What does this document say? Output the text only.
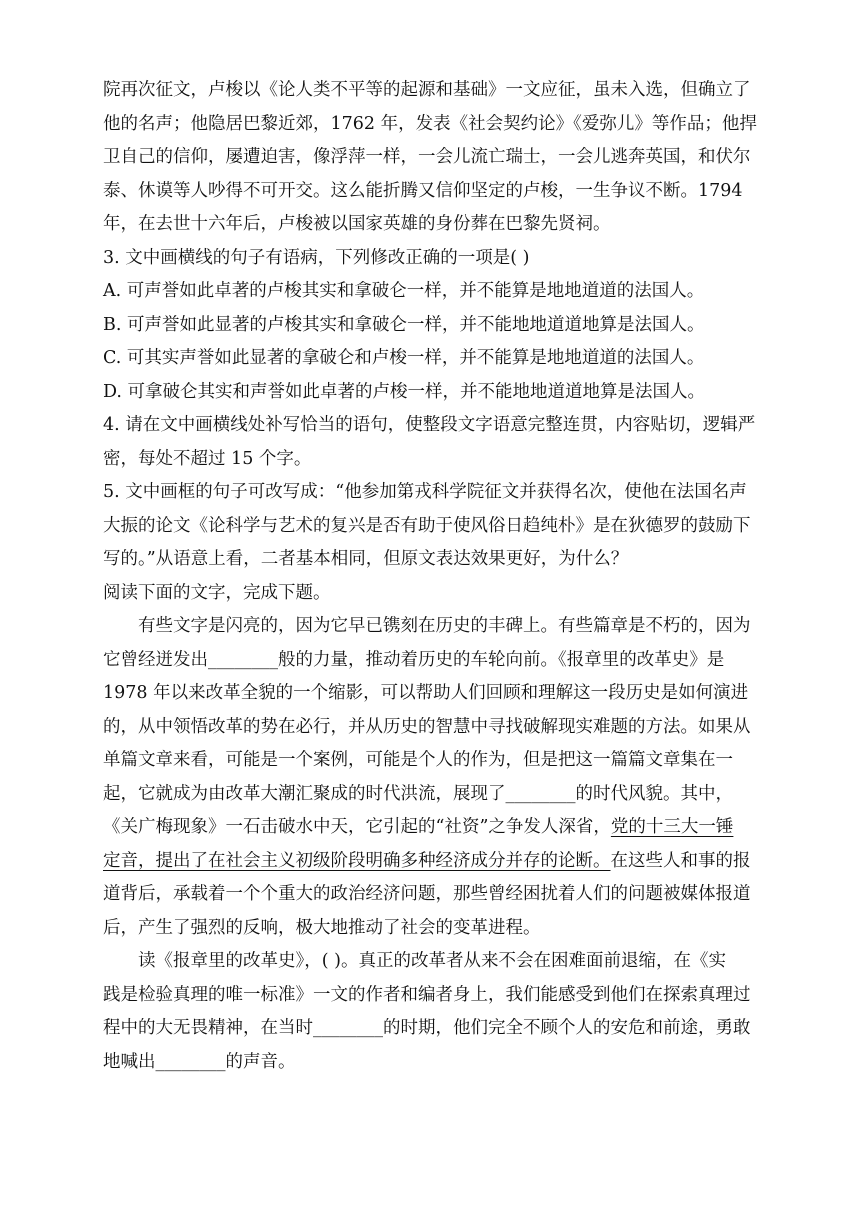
院再次征文，卢梭以《论人类不平等的起源和基础》一文应征，虽未入选，但确立了
他的名声；他隐居巴黎近郊，1762 年，发表《社会契约论》《爱弥儿》等作品；他捍
卫自己的信仰，屡遭迫害，像浮萍一样，一会儿流亡瑞士，一会儿逃奔英国，和伏尔
泰、休谟等人吵得不可开交。这么能折腾又信仰坚定的卢梭，一生争议不断。1794
年，在去世十六年后，卢梭被以国家英雄的身份葬在巴黎先贤祠。
3. 文中画横线的句子有语病，下列修改正确的一项是( )
A. 可声誉如此卓著的卢梭其实和拿破仑一样，并不能算是地地道道的法国人。
B. 可声誉如此显著的卢梭其实和拿破仑一样，并不能地地道道地算是法国人。
C. 可其实声誉如此显著的拿破仑和卢梭一样，并不能算是地地道道的法国人。
D. 可拿破仑其实和声誉如此卓著的卢梭一样，并不能地地道道地算是法国人。
4. 请在文中画横线处补写恰当的语句，使整段文字语意完整连贯，内容贴切，逻辑严
密，每处不超过 15 个字。
5. 文中画框的句子可改写成：“他参加第戎科学院征文并获得名次，使他在法国名声
大振的论文《论科学与艺术的复兴是否有助于使风俗日趋纯朴》是在狄德罗的鼓励下
写的。”从语意上看，二者基本相同，但原文表达效果更好，为什么？
阅读下面的文字，完成下题。
　　有些文字是闪亮的，因为它早已镌刻在历史的丰碑上。有些篇章是不朽的，因为
它曾经迸发出________般的力量，推动着历史的车轮向前。《报章里的改革史》是
1978 年以来改革全貌的一个缩影，可以帮助人们回顾和理解这一段历史是如何演进
的，从中领悟改革的势在必行，并从历史的智慧中寻找破解现实难题的方法。如果从
单篇文章来看，可能是一个案例，可能是个人的作为，但是把这一篇篇文章集在一
起，它就成为由改革大潮汇聚成的时代洪流，展现了________的时代风貌。其中，
《关广梅现象》一石击破水中天，它引起的“社资”之争发人深省，党的十三大一锤
定音，提出了在社会主义初级阶段明确多种经济成分并存的论断。在这些人和事的报
道背后，承载着一个个重大的政治经济问题，那些曾经困扰着人们的问题被媒体报道
后，产生了强烈的反响，极大地推动了社会的变革进程。
　　读《报章里的改革史》，( )。真正的改革者从来不会在困难面前退缩，在《实
践是检验真理的唯一标准》一文的作者和编者身上，我们能感受到他们在探索真理过
程中的大无畏精神，在当时________的时期，他们完全不顾个人的安危和前途，勇敢
地喊出________的声音。
